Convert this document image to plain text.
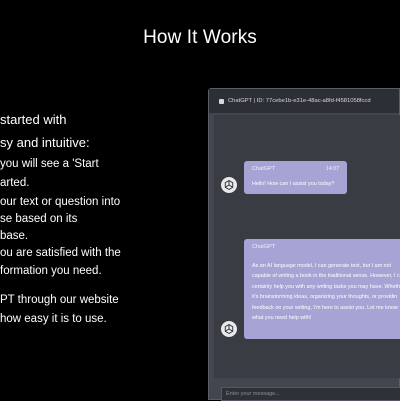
How It Works
started with
sy and intuitive:
you will see a 'Start
arted.
our text or question into
se based on its
base.
ou are satisfied with the
formation you need.
PT through our website
how easy it is to use.
ChatGPT | ID: 77cebe1b-e31e-48ac-a8fd-f4581058fccd
ChatGPT	14:07
Hello! How can I assist you today?
ChatGPT
As an AI language model, I can generate text, but I am not
capable of writing a book in the traditional sense. However, I c
certainly help you with any writing tasks you may have. Wheth
it's brainstorming ideas, organizing your thoughts, or providin
feedback on your writing, I'm here to assist you. Let me know
what you need help with!
Enter your message...
